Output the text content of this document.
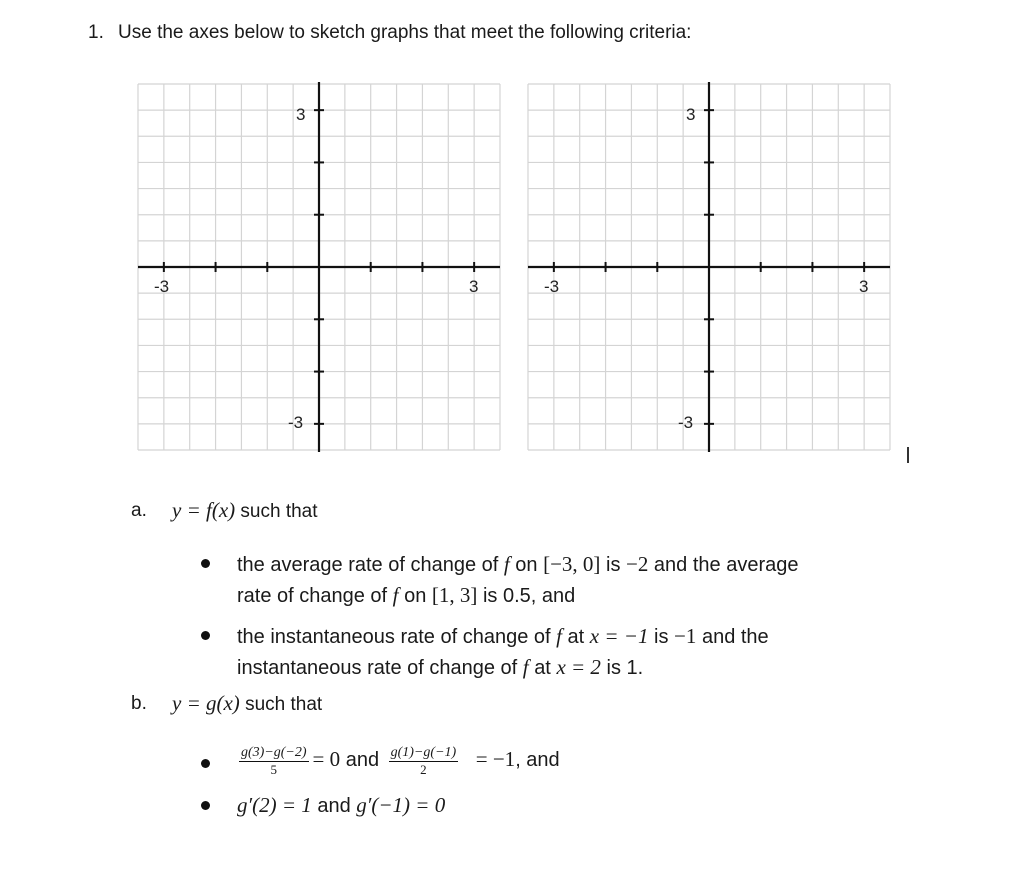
1. Use the axes below to sketch graphs that meet the following criteria:
-3	3
3
-3
-3	3
3
-3
a. y = f(x) such that
the average rate of change of f on [−3, 0] is −2 and the average
rate of change of f on [1, 3] is 0.5, and
the instantaneous rate of change of f at x = −1 is −1 and the
instantaneous rate of change of f at x = 2 is 1.
b. y = g(x) such that
$\frac{g(3)-g(-2)}{5} = 0$ and $\frac{g(1)-g(-1)}{2} = -1$, and
g′(2) = 1 and g′(−1) = 0
